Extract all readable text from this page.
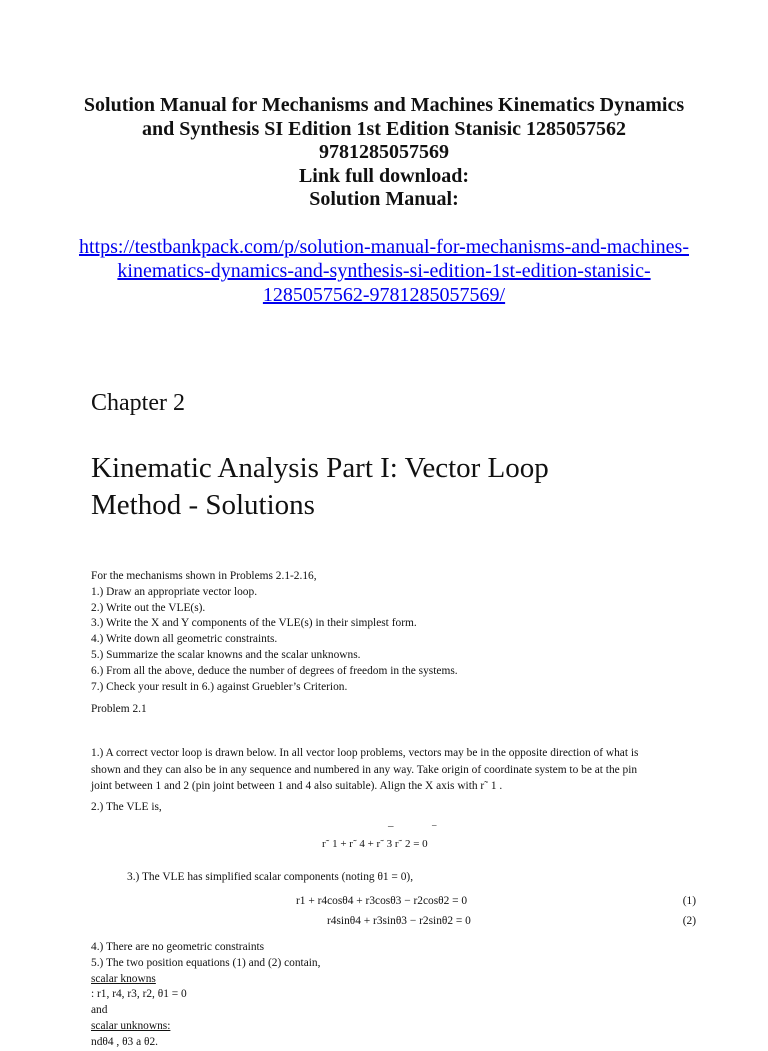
Solution Manual for Mechanisms and Machines Kinematics Dynamics
and Synthesis SI Edition 1st Edition Stanisic 1285057562
9781285057569
Link full download:
Solution Manual:
https://testbankpack.com/p/solution-manual-for-mechanisms-and-machines-
kinematics-dynamics-and-synthesis-si-edition-1st-edition-stanisic-
1285057562-9781285057569/
Chapter 2
Kinematic Analysis Part I: Vector Loop
Method - Solutions
For the mechanisms shown in Problems 2.1-2.16,
1.) Draw an appropriate vector loop.
2.) Write out the VLE(s).
3.) Write the X and Y components of the VLE(s) in their simplest form.
4.) Write down all geometric constraints.
5.) Summarize the scalar knowns and the scalar unknowns.
6.) From all the above, deduce the number of degrees of freedom in the systems.
7.) Check your result in 6.) against Gruebler’s Criterion.
Problem 2.1
1.) A correct vector loop is drawn below. In all vector loop problems, vectors may be in the opposite direction of what is
shown and they can also be in any sequence and numbered in any way. Take origin of coordinate system to be at the pin
joint between 1 and 2 (pin joint between 1 and 4 also suitable). Align the X axis with r˜ 1 .
2.) The VLE is,
–	–
r˜ 1 + r˜ 4 + r˜ 3 r˜ 2 = 0
3.) The VLE has simplified scalar components (noting θ1 = 0),
r1 + r4cosθ4 + r3cosθ3 − r2cosθ2 = 0	(1)
r4sinθ4 + r3sinθ3 − r2sinθ2 = 0	(2)
4.) There are no geometric constraints
5.) The two position equations (1) and (2) contain,
scalar knowns
: r1, r4, r3, r2, θ1 = 0
and
scalar unknowns:
ndθ4 , θ3 a θ2.
